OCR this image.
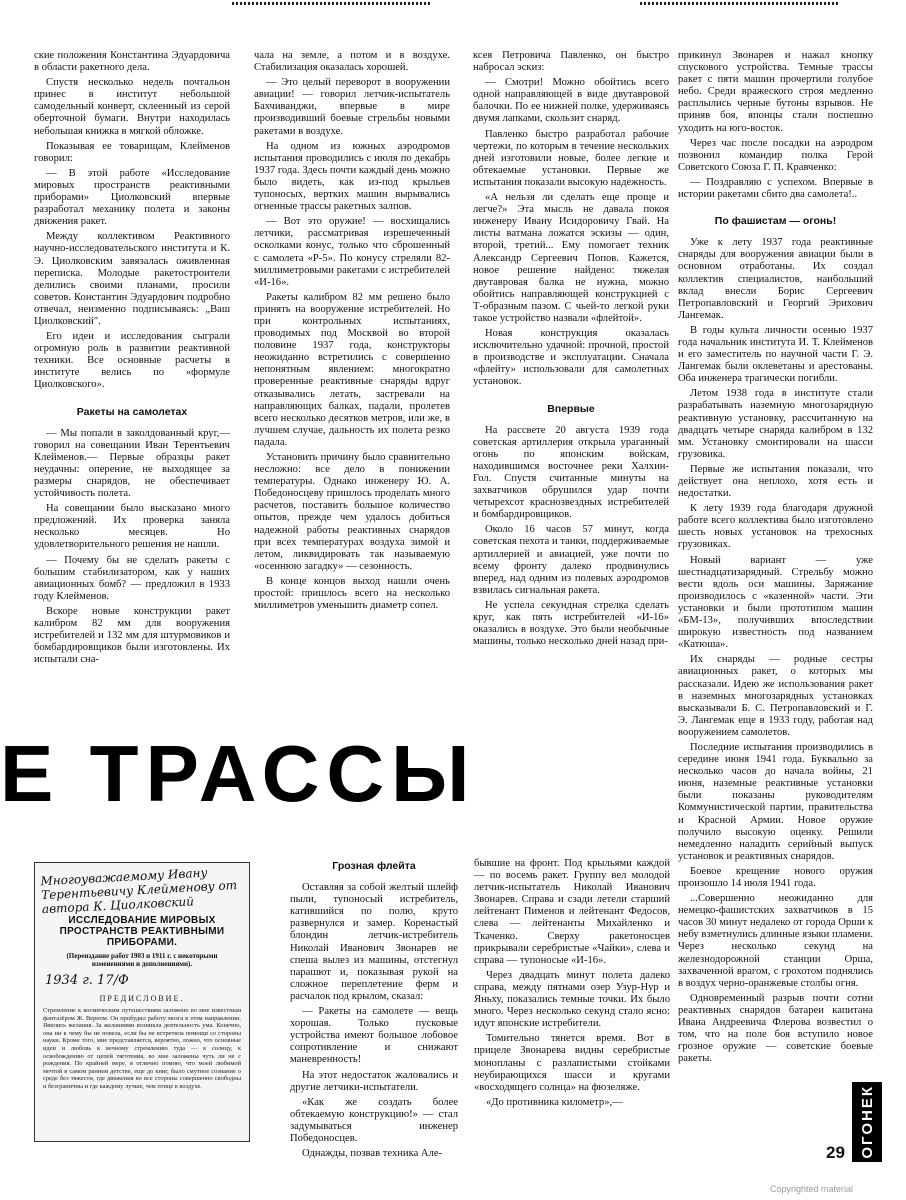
ские положения Константина Эдуардовича в области ракетного дела.

Спустя несколько недель почтальон принес в институт небольшой самодельный конверт, склеенный из серой оберточной бумаги. Внутри находилась небольшая книжка в мягкой обложке.

Показывая ее товарищам, Клейменов говорил:

— В этой работе «Исследование мировых пространств реактивными приборами» Циолковский впервые разработал механику полета и законы движения ракет.

Между коллективом Реактивного научно-исследовательского института и К. Э. Циолковским завязалась оживленная переписка. Молодые ракетостроители делились своими планами, просили советов. Константин Эдуардович подробно отвечал, неизменно подписываясь: „Ваш Циолковский".

Его идеи и исследования сыграли огромную роль в развитии реактивной техники. Все основные расчеты в институте велись по «формуле Циолковского».

Ракеты на самолетах

— Мы попали в заколдованный круг,— говорил на совещании Иван Терентьевич Клейменов.— Первые образцы ракет неудачны: оперение, не выходящее за размеры снарядов, не обеспечивает устойчивость полета.

На совещании было высказано много предложений. Их проверка заняла несколько месяцев. Но удовлетворительного решения не нашли.

— Почему бы не сделать ракеты с большим стабилизатором, как у наших авиационных бомб? — предложил в 1933 году Клейменов.

Вскоре новые конструкции ракет калибром 82 мм для вооружения истребителей и 132 мм для штурмовиков и бомбардировщиков были изготовлены. Их испытали сна-

чала на земле, а потом и в воздухе. Стабилизация оказалась хорошей.

— Это целый переворот в вооружении авиации! — говорил летчик-испытатель Бахчиванджи, впервые в мире производивший боевые стрельбы новыми ракетами в воздухе.

На одном из южных аэродромов испытания проводились с июля по декабрь 1937 года. Здесь почти каждый день можно было видеть, как из-под крыльев тупоносых, вертких машин вырывались огненные трассы ракетных залпов.

— Вот это оружие! — восхищались летчики, рассматривая изрешеченный осколками конус, только что сброшенный с самолета «Р-5». По конусу стреляли 82-миллиметровыми ракетами с истребителей «И-16».

Ракеты калибром 82 мм решено было принять на вооружение истребителей. Но при контрольных испытаниях, проводимых под Москвой во второй половине 1937 года, конструкторы неожиданно встретились с совершенно непонятным явлением: многократно проверенные реактивные снаряды вдруг отказывались летать, застревали на направляющих балках, падали, пролетев всего несколько десятков метров, или же, в лучшем случае, дальность их полета резко падала.

Установить причину было сравнительно несложно: все дело в понижении температуры. Однако инженеру Ю. А. Победоносцеву пришлось проделать много расчетов, поставить большое количество опытов, прежде чем удалось добиться надежной работы реактивных снарядов при всех температурах воздуха зимой и летом, ликвидировать так называемую «осеннюю загадку» — сезонность.

В конце концов выход нашли очень простой: пришлось всего на несколько миллиметров уменьшить диаметр сопел.

ксея Петровича Павленко, он быстро набросал эскиз:

— Смотри! Можно обойтись всего одной направляющей в виде двутавровой балочки. По ее нижней полке, удерживаясь двумя лапками, скользит снаряд.

Павленко быстро разработал рабочие чертежи, по которым в течение нескольких дней изготовили новые, более легкие и обтекаемые установки. Первые же испытания показали высокую надежность.

«А нельзя ли сделать еще проще и легче?» Эта мысль не давала покоя инженеру Ивану Исидоровичу Гвай. На листы ватмана ложатся эскизы — один, второй, третий... Ему помогает техник Александр Сергеевич Попов. Кажется, новое решение найдено: тяжелая двутавровая балка не нужна, можно обойтись направляющей конструкцией с Т-образным пазом. С чьей-то легкой руки такое устройство назвали «флейтой».

Новая конструкция оказалась исключительно удачной: прочной, простой в производстве и эксплуатации. Сначала «флейту» использовали для самолетных установок.

Впервые

На рассвете 20 августа 1939 года советская артиллерия открыла ураганный огонь по японским войскам, находившимся восточнее реки Халхин-Гол. Спустя считанные минуты на захватчиков обрушился удар почти четырехсот краснозвездных истребителей и бомбардировщиков.

Около 16 часов 57 минут, когда советская пехота и танки, поддерживаемые артиллерией и авиацией, уже почти по всему фронту далеко продвинулись вперед, над одним из полевых аэродромов взвилась сигнальная ракета.

Не успела секундная стрелка сделать круг, как пять истребителей «И-16» оказались в воздухе. Это были необычные машины, только несколько дней назад при-

прикинул Звонарев и нажал кнопку спускового устройства. Темные трассы ракет с пяти машин прочертили голубое небо. Среди вражеского строя медленно расплылись черные бутоны взрывов. Не приняв боя, японцы стали поспешно уходить на юго-восток.

Через час после посадки на аэродром позвонил командир полка Герой Советского Союза Г. П. Кравченко:

— Поздравляю с успехом. Впервые в истории ракетами сбито два самолета!..

По фашистам — огонь!

Уже к лету 1937 года реактивные снаряды для вооружения авиации были в основном отработаны. Их создал коллектив специалистов, наибольший вклад внесли Борис Сергеевич Петропавловский и Георгий Эрихович Лангемак.

В годы культа личности осенью 1937 года начальник института И. Т. Клейменов и его заместитель по научной части Г. Э. Лангемак были оклеветаны и арестованы. Оба инженера трагически погибли.

Летом 1938 года в институте стали разрабатывать наземную многозарядную реактивную установку, рассчитанную на двадцать четыре снаряда калибром в 132 мм. Установку смонтировали на шасси грузовика.

Первые же испытания показали, что действует она неплохо, хотя есть и недостатки.

К лету 1939 года благодаря дружной работе всего коллектива было изготовлено шесть новых установок на трехосных грузовиках.

Новый вариант — уже шестнадцатизарядный. Стрельбу можно вести вдоль оси машины. Заряжание производилось с «казенной» части. Эти установки и были прототипом машин «БМ-13», получивших впоследствии широкую известность под названием «Катюша».

Их снаряды — родные сестры авиационных ракет, о которых мы рассказали. Идею же использования ракет в наземных многозарядных установках высказывали Б. С. Петропавловский и Г. Э. Лангемак еще в 1933 году, работая над вооружением самолетов.

Последние испытания производились в середине июня 1941 года. Буквально за несколько часов до начала войны, 21 июня, наземные реактивные установки были показаны руководителям Коммунистической партии, правительства и Красной Армии. Новое оружие получило высокую оценку. Решили немедленно наладить серийный выпуск установок и реактивных снарядов.

Боевое крещение нового оружия произошло 14 июля 1941 года.

...Совершенно неожиданно для немецко-фашистских захватчиков в 15 часов 30 минут недалеко от города Орши к небу взметнулись длинные языки пламени. Через несколько секунд на железнодорожной станции Орша, захваченной врагом, с грохотом поднялись в воздух черно-оранжевые столбы огня.

Одновременный разрыв почти сотни реактивных снарядов батареи капитана Ивана Андреевича Флерова возвестил о том, что на поле боя вступило новое грозное оружие — советские боевые ракеты.

Е ТРАССЫ
Многоуважаемому Ивану Терентьевичу Клейменову от автора К. Циолковский
ИССЛЕДОВАНИЕ МИРОВЫХ ПРОСТРАНСТВ РЕАКТИВНЫМИ ПРИБОРАМИ.
(Переиздание работ 1903 и 1911 г. с некоторыми изменениями и дополнениями).
1934 г. 17/Ф
ПРЕДИСЛОВИЕ.
Стремление к космическим путешествиям заложено во мне известным фантазёром Ж. Верном. Он пробудил работу мозга в этом направлении. Явились желания. За желаниями возникла деятельность ума. Конечно, она ни к чему бы не повела, если бы не встретила помощи со стороны науки. Кроме того, мне представляется, вероятно, ложно, что основные идеи и любовь к вечному стремлению туда — к солнцу, к освобождению от цепей тяготения, во мне заложены чуть ли не с рождения. По крайней мере, я отлично помню, что моей любимой мечтой в самом раннем детстве, еще до книг, было смутное сознание о среде без тяжести, где движения во все стороны совершенно свободны и безграничны и где каждому лучше, чем птице в воздухе.
Грозная флейта

Оставляя за собой желтый шлейф пыли, тупоносый истребитель, катившийся по полю, круто развернулся и замер. Коренастый блондин летчик-истребитель Николай Иванович Звонарев не спеша вылез из машины, отстегнул парашют и, показывая рукой на сложное переплетение ферм и расчалок под крылом, сказал:

— Ракеты на самолете — вещь хорошая. Только пусковые устройства имеют большое лобовое сопротивление и снижают маневренность!

На этот недостаток жаловались и другие летчики-испытатели.

«Как же создать более обтекаемую конструкцию!» — стал задумываться инженер Победоносцев.

Однажды, позвав техника Але-

бывшие на фронт. Под крыльями каждой — по восемь ракет. Группу вел молодой летчик-испытатель Николай Иванович Звонарев. Справа и сзади летели старший лейтенант Пименов и лейтенант Федосов, слева — лейтенанты Михайленко и Ткаченко. Сверху ракетоносцев прикрывали серебристые «Чайки», слева и справа — тупоносые «И-16».

Через двадцать минут полета далеко справа, между пятнами озер Узур-Нур и Яньху, показались темные точки. Их было много. Через несколько секунд стало ясно: идут японские истребители.

Томительно тянется время. Вот в прицеле Звонарева видны серебристые монопланы с разлапистыми стойками неубирающихся шасси и кругами «восходящего солнца» на фюзеляже.

«До противника километр»,—

29 ОГОНЕК
Copyrighted material
